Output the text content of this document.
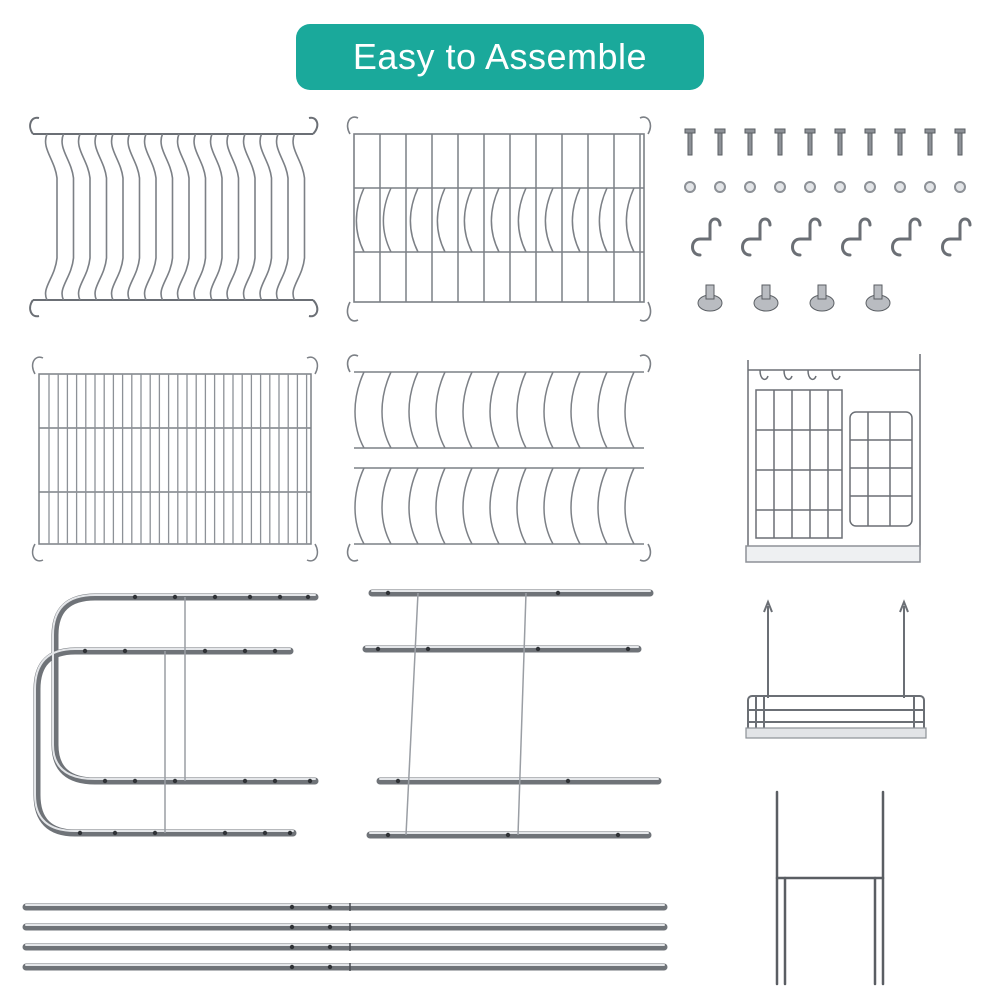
Easy to Assemble
